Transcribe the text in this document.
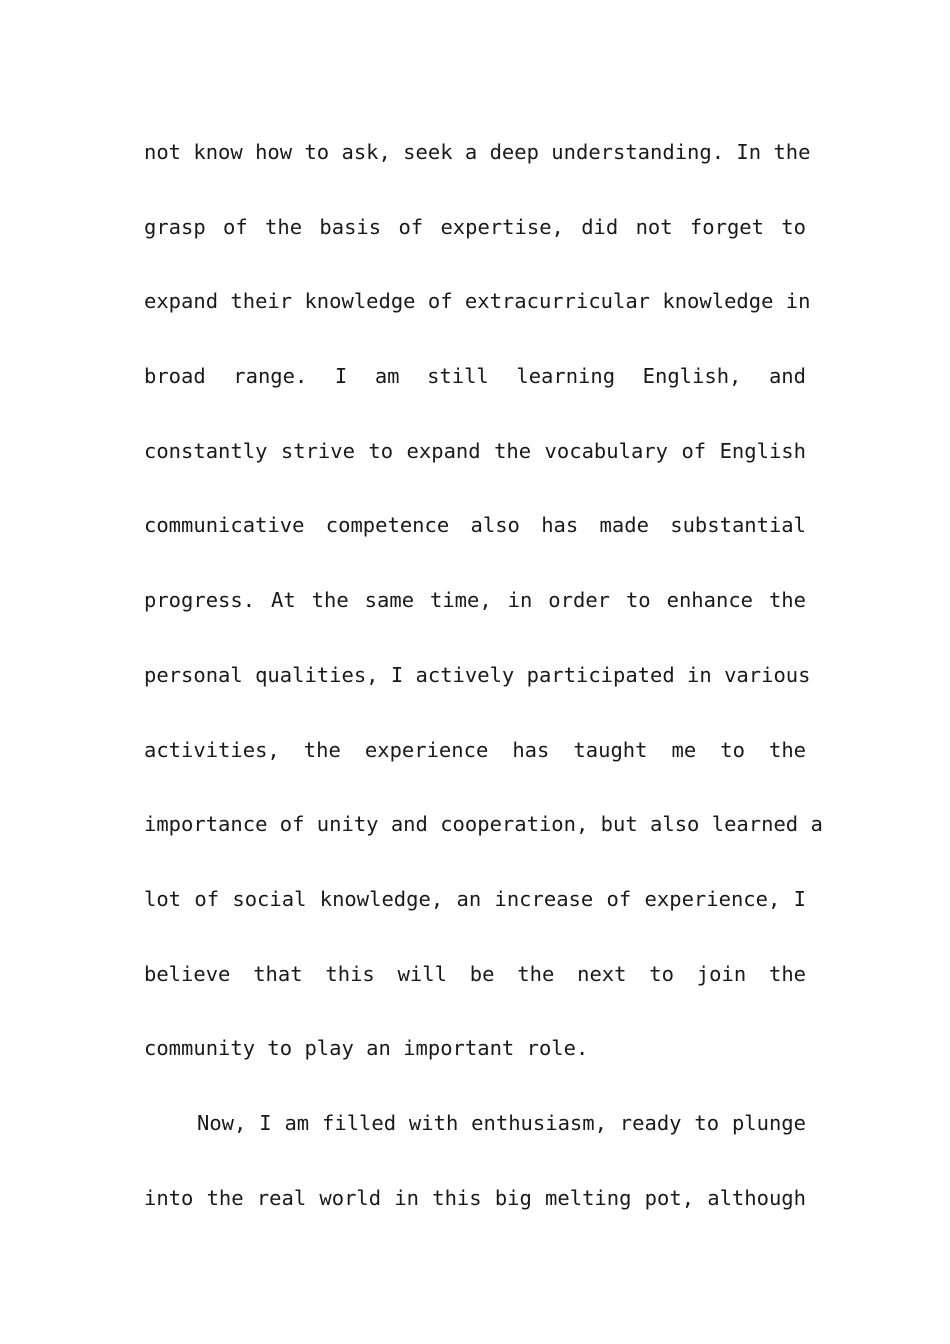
not know how to ask, seek a deep understanding. In the
grasp of the basis of expertise, did not forget to
expand their knowledge of extracurricular knowledge in
broad range. I am still learning English, and
constantly strive to expand the vocabulary of English
communicative competence also has made substantial
progress. At the same time, in order to enhance the
personal qualities, I actively participated in various
activities, the experience has taught me to the
importance of unity and cooperation, but also learned a
lot of social knowledge, an increase of experience, I
believe that this will be the next to join the
community to play an important role.
Now, I am filled with enthusiasm, ready to plunge
into the real world in this big melting pot, although
